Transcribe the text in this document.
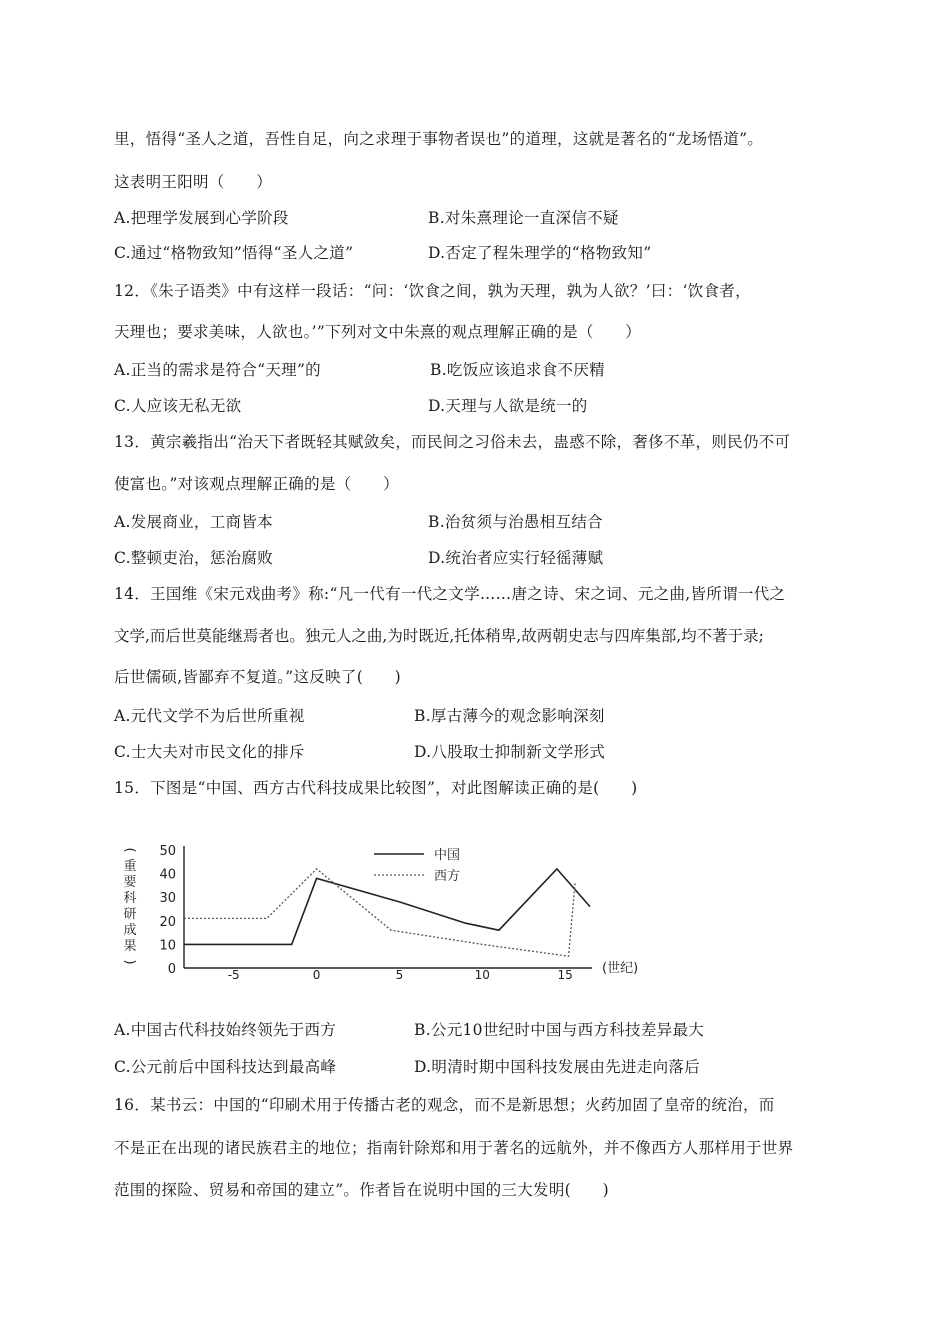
里，悟得“圣人之道，吾性自足，向之求理于事物者误也”的道理，这就是著名的“龙场悟道”。
这表明王阳明（　　）
A.把理学发展到心学阶段	B.对朱熹理论一直深信不疑
C.通过“格物致知”悟得“圣人之道”	D.否定了程朱理学的“格物致知”
12．《朱子语类》中有这样一段话：“问：‘饮食之间，孰为天理，孰为人欲？’曰：‘饮食者，
天理也；要求美味，人欲也。’”下列对文中朱熹的观点理解正确的是（　　）
A.正当的需求是符合“天理”的	B.吃饭应该追求食不厌精
C.人应该无私无欲	D.天理与人欲是统一的
13．黄宗羲指出“治天下者既轻其赋敛矣，而民间之习俗未去，蛊惑不除，奢侈不革，则民仍不可
使富也。”对该观点理解正确的是（　　）
A.发展商业，工商皆本	B.治贫须与治愚相互结合
C.整顿吏治，惩治腐败	D.统治者应实行轻徭薄赋
14．王国维《宋元戏曲考》称:“凡一代有一代之文学……唐之诗、宋之词、元之曲,皆所谓一代之
文学,而后世莫能继焉者也。独元人之曲,为时既近,托体稍卑,故两朝史志与四库集部,均不著于录;
后世儒硕,皆鄙弃不复道。”这反映了(　　)
A.元代文学不为后世所重视	B.厚古薄今的观念影响深刻
C.士大夫对市民文化的排斥	D.八股取士抑制新文学形式
15．下图是“中国、西方古代科技成果比较图”，对此图解读正确的是(　　)
0
10
20
30
40
50
-5	0	5	10	15
(
重
要
科
研
成
果
)	(世纪)
中国
西方
A.中国古代科技始终领先于西方	B.公元10世纪时中国与西方科技差异最大
C.公元前后中国科技达到最高峰	D.明清时期中国科技发展由先进走向落后
16．某书云：中国的“印刷术用于传播古老的观念，而不是新思想；火药加固了皇帝的统治，而
不是正在出现的诸民族君主的地位；指南针除郑和用于著名的远航外，并不像西方人那样用于世界
范围的探险、贸易和帝国的建立”。作者旨在说明中国的三大发明(　　)
